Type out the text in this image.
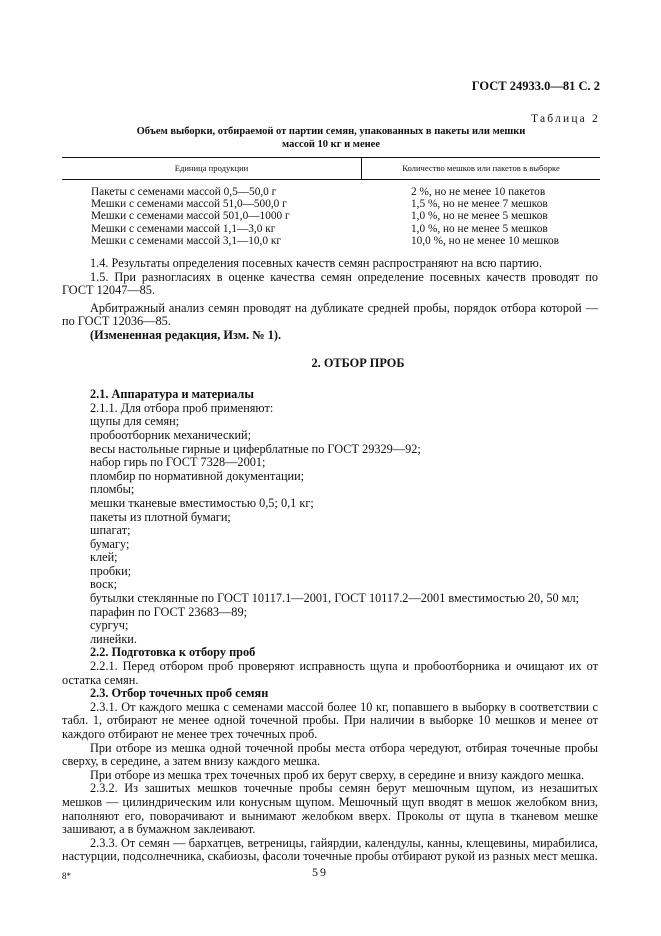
ГОСТ 24933.0—81 С. 2
Таблица 2
Объем выборки, отбираемой от партии семян, упакованных в пакеты или мешки
массой 10 кг и менее
Единица продукции	Количество мешков или пакетов в выборке
Пакеты с семенами массой 0,5—50,0 г	2 %, но не менее 10 пакетов
Мешки с семенами массой 51,0—500,0 г	1,5 %, но не менее 7 мешков
Мешки с семенами массой 501,0—1000 г	1,0 %, но не менее 5 мешков
Мешки с семенами массой 1,1—3,0 кг	1,0 %, но не менее 5 мешков
Мешки с семенами массой 3,1—10,0 кг	10,0 %, но не менее 10 мешков

1.4. Результаты определения посевных качеств семян распространяют на всю партию.

1.5. При разногласиях в оценке качества семян определение посевных качеств проводят по ГОСТ 12047—85.

Арбитражный анализ семян проводят на дубликате средней пробы, порядок отбора которой — по ГОСТ 12036—85.

(Измененная редакция, Изм. № 1).

2. ОТБОР ПРОБ

2.1. Аппаратура и материалы

2.1.1. Для отбора проб применяют:

щупы для семян;

пробоотборник механический;

весы настольные гирные и циферблатные по ГОСТ 29329—92;

набор гирь по ГОСТ 7328—2001;

пломбир по нормативной документации;

пломбы;

мешки тканевые вместимостью 0,5; 0,1 кг;

пакеты из плотной бумаги;

шпагат;

бумагу;

клей;

пробки;

воск;

бутылки стеклянные по ГОСТ 10117.1—2001, ГОСТ 10117.2—2001 вместимостью 20, 50 мл;

парафин по ГОСТ 23683—89;

сургуч;

линейки.

2.2. Подготовка к отбору проб

2.2.1. Перед отбором проб проверяют исправность щупа и пробоотборника и очищают их от остатка семян.

2.3. Отбор точечных проб семян

2.3.1. От каждого мешка с семенами массой более 10 кг, попавшего в выборку в соответствии с табл. 1, отбирают не менее одной точечной пробы. При наличии в выборке 10 мешков и менее от каждого отбирают не менее трех точечных проб.

При отборе из мешка одной точечной пробы места отбора чередуют, отбирая точечные пробы сверху, в середине, а затем внизу каждого мешка.

При отборе из мешка трех точечных проб их берут сверху, в середине и внизу каждого мешка.

2.3.2. Из зашитых мешков точечные пробы семян берут мешочным щупом, из незашитых мешков — цилиндрическим или конусным щупом. Мешочный щуп вводят в мешок желобком вниз, наполняют его, поворачивают и вынимают желобком вверх. Проколы от щупа в тканевом мешке зашивают, а в бумажном заклеивают.

2.3.3. От семян — бархатцев, ветреницы, гайярдии, календулы, канны, клещевины, мирабилиса, настурции, подсолнечника, скабиозы, фасоли точечные пробы отбирают рукой из разных мест мешка.

8*	59
